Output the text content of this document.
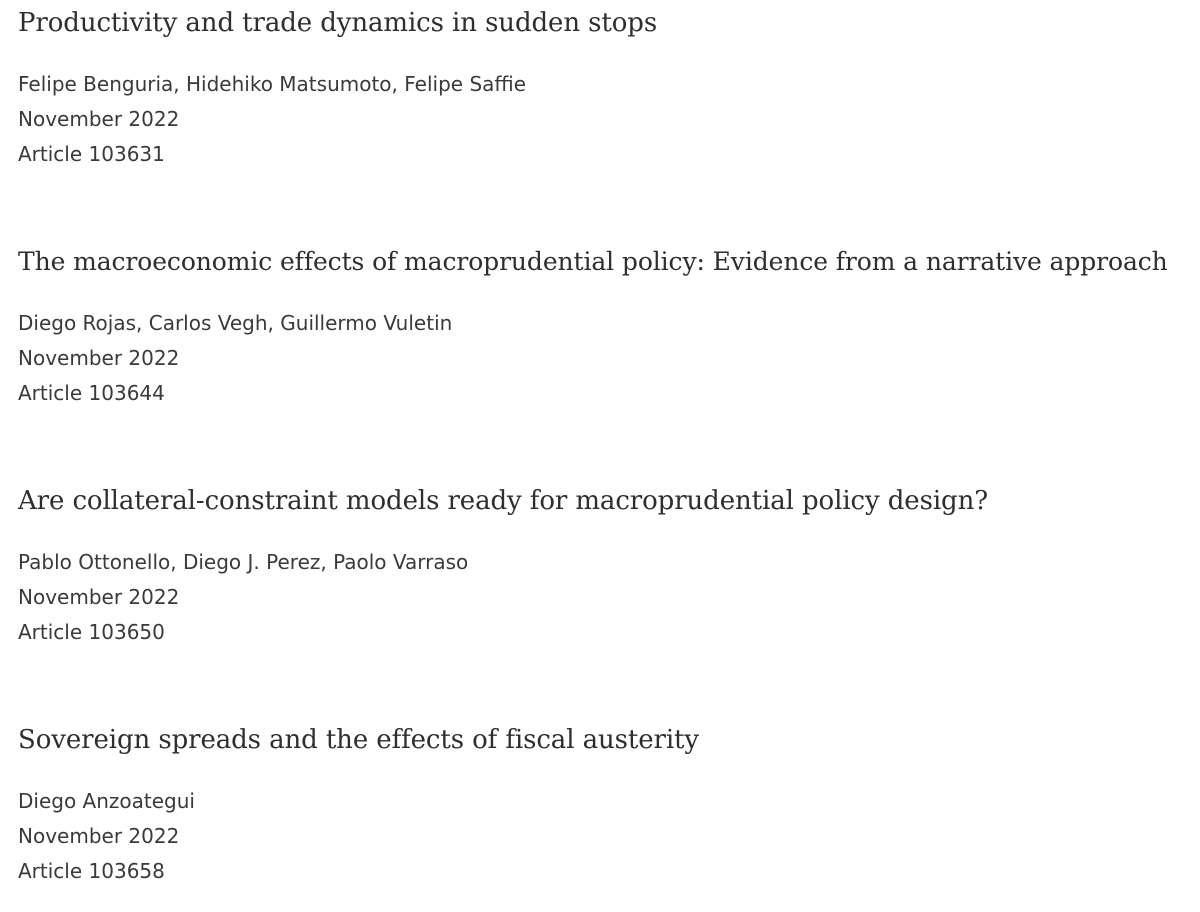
Productivity and trade dynamics in sudden stops
Felipe Benguria, Hidehiko Matsumoto, Felipe Saffie
November 2022
Article 103631
The macroeconomic effects of macroprudential policy: Evidence from a narrative approach
Diego Rojas, Carlos Vegh, Guillermo Vuletin
November 2022
Article 103644
Are collateral-constraint models ready for macroprudential policy design?
Pablo Ottonello, Diego J. Perez, Paolo Varraso
November 2022
Article 103650
Sovereign spreads and the effects of fiscal austerity
Diego Anzoategui
November 2022
Article 103658
